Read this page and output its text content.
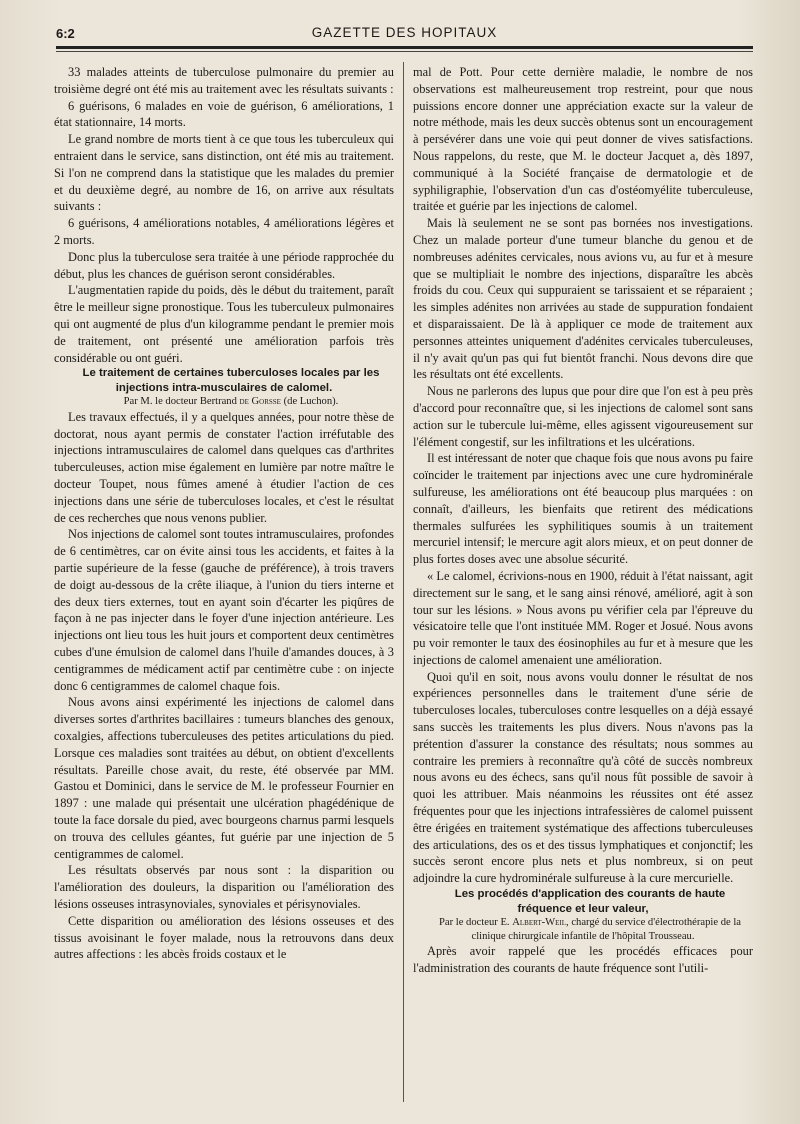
6:2	GAZETTE DES HOPITAUX

33 malades atteints de tuberculose pulmonaire du premier au troisième degré ont été mis au traitement avec les résultats suivants :

6 guérisons, 6 malades en voie de guérison, 6 améliorations, 1 état stationnaire, 14 morts.

Le grand nombre de morts tient à ce que tous les tuberculeux qui entraient dans le service, sans distinction, ont été mis au traitement. Si l'on ne comprend dans la statistique que les malades du premier et du deuxième degré, au nombre de 16, on arrive aux résultats suivants :

6 guérisons, 4 améliorations notables, 4 améliorations légères et 2 morts.

Donc plus la tuberculose sera traitée à une période rapprochée du début, plus les chances de guérison seront considérables.

L'augmentatien rapide du poids, dès le début du traitement, paraît être le meilleur signe pronostique. Tous les tuberculeux pulmonaires qui ont augmenté de plus d'un kilogramme pendant le premier mois de traitement, ont présenté une amélioration parfois très considérable ou ont guéri.

Le traitement de certaines tuberculoses locales par les injections intra-musculaires de calomel.

Par M. le docteur Bertrand de Gorsse (de Luchon).

Les travaux effectués, il y a quelques années, pour notre thèse de doctorat, nous ayant permis de constater l'action irréfutable des injections intramusculaires de calomel dans quelques cas d'arthrites tuberculeuses, action mise également en lumière par notre maître le docteur Toupet, nous fûmes amené à étudier l'action de ces injections dans une série de tuberculoses locales, et c'est le résultat de ces recherches que nous venons publier.

Nos injections de calomel sont toutes intramusculaires, profondes de 6 centimètres, car on évite ainsi tous les accidents, et faites à la partie supérieure de la fesse (gauche de préférence), à trois travers de doigt au-dessous de la crête iliaque, à l'union du tiers interne et des deux tiers externes, tout en ayant soin d'écarter les piqûres de façon à ne pas injecter dans le foyer d'une injection antérieure. Les injections ont lieu tous les huit jours et comportent deux centimètres cubes d'une émulsion de calomel dans l'huile d'amandes douces, à 3 centigrammes de médicament actif par centimètre cube : on injecte donc 6 centigrammes de calomel chaque fois.

Nous avons ainsi expérimenté les injections de calomel dans diverses sortes d'arthrites bacillaires : tumeurs blanches des genoux, coxalgies, affections tuberculeuses des petites articulations du pied. Lorsque ces maladies sont traitées au début, on obtient d'excellents résultats. Pareille chose avait, du reste, été observée par MM. Gastou et Dominici, dans le service de M. le professeur Fournier en 1897 : une malade qui présentait une ulcération phagédénique de toute la face dorsale du pied, avec bourgeons charnus parmi lesquels on trouva des cellules géantes, fut guérie par une injection de 5 centigrammes de calomel.

Les résultats observés par nous sont : la disparition ou l'amélioration des douleurs, la disparition ou l'amélioration des lésions osseuses intrasynoviales, synoviales et périsynoviales.

Cette disparition ou amélioration des lésions osseuses et des tissus avoisinant le foyer malade, nous la retrouvons dans deux autres affections : les abcès froids costaux et le

mal de Pott. Pour cette dernière maladie, le nombre de nos observations est malheureusement trop restreint, pour que nous puissions encore donner une appréciation exacte sur la valeur de notre méthode, mais les deux succès obtenus sont un encouragement à persévérer dans une voie qui peut donner de vives satisfactions. Nous rappelons, du reste, que M. le docteur Jacquet a, dès 1897, communiqué à la Société française de dermatologie et de syphiligraphie, l'observation d'un cas d'ostéomyélite tuberculeuse, traitée et guérie par les injections de calomel.

Mais là seulement ne se sont pas bornées nos investigations. Chez un malade porteur d'une tumeur blanche du genou et de nombreuses adénites cervicales, nous avions vu, au fur et à mesure que se multipliait le nombre des injections, disparaître les abcès froids du cou. Ceux qui suppuraient se tarissaient et se réparaient ; les simples adénites non arrivées au stade de suppuration fondaient et disparaissaient. De là à appliquer ce mode de traitement aux personnes atteintes uniquement d'adénites cervicales tuberculeuses, il n'y avait qu'un pas qui fut bientôt franchi. Nous devons dire que les résultats ont été excellents.

Nous ne parlerons des lupus que pour dire que l'on est à peu près d'accord pour reconnaître que, si les injections de calomel sont sans action sur le tubercule lui-même, elles agissent vigoureusement sur l'élément congestif, sur les infiltrations et les ulcérations.

Il est intéressant de noter que chaque fois que nous avons pu faire coïncider le traitement par injections avec une cure hydrominérale sulfureuse, les améliorations ont été beaucoup plus marquées : on connaît, d'ailleurs, les bienfaits que retirent des médications thermales sulfurées les syphilitiques soumis à un traitement mercuriel intensif; le mercure agit alors mieux, et on peut donner de plus fortes doses avec une absolue sécurité.

« Le calomel, écrivions-nous en 1900, réduit à l'état naissant, agit directement sur le sang, et le sang ainsi rénové, amélioré, agit à son tour sur les lésions. » Nous avons pu vérifier cela par l'épreuve du vésicatoire telle que l'ont instituée MM. Roger et Josué. Nous avons pu voir remonter le taux des éosinophiles au fur et à mesure que les injections de calomel amenaient une amélioration.

Quoi qu'il en soit, nous avons voulu donner le résultat de nos expériences personnelles dans le traitement d'une série de tuberculoses locales, tuberculoses contre lesquelles on a déjà essayé sans succès les traitements les plus divers. Nous n'avons pas la prétention d'assurer la constance des résultats; nous sommes au contraire les premiers à reconnaître qu'à côté de succès nombreux nous avons eu des échecs, sans qu'il nous fût possible de savoir à quoi les attribuer. Mais néanmoins les réussites ont été assez fréquentes pour que les injections intrafessières de calomel puissent être érigées en traitement systématique des affections tuberculeuses des articulations, des os et des tissus lymphatiques et conjonctif; les succès seront encore plus nets et plus nombreux, si on peut adjoindre la cure hydrominérale sulfureuse à la cure mercurielle.

Les procédés d'application des courants de haute fréquence et leur valeur,

Par le docteur E. Albert-Weil, chargé du service d'électrothérapie de la clinique chirurgicale infantile de l'hôpital Trousseau.

Après avoir rappelé que les procédés efficaces pour l'administration des courants de haute fréquence sont l'utili-
